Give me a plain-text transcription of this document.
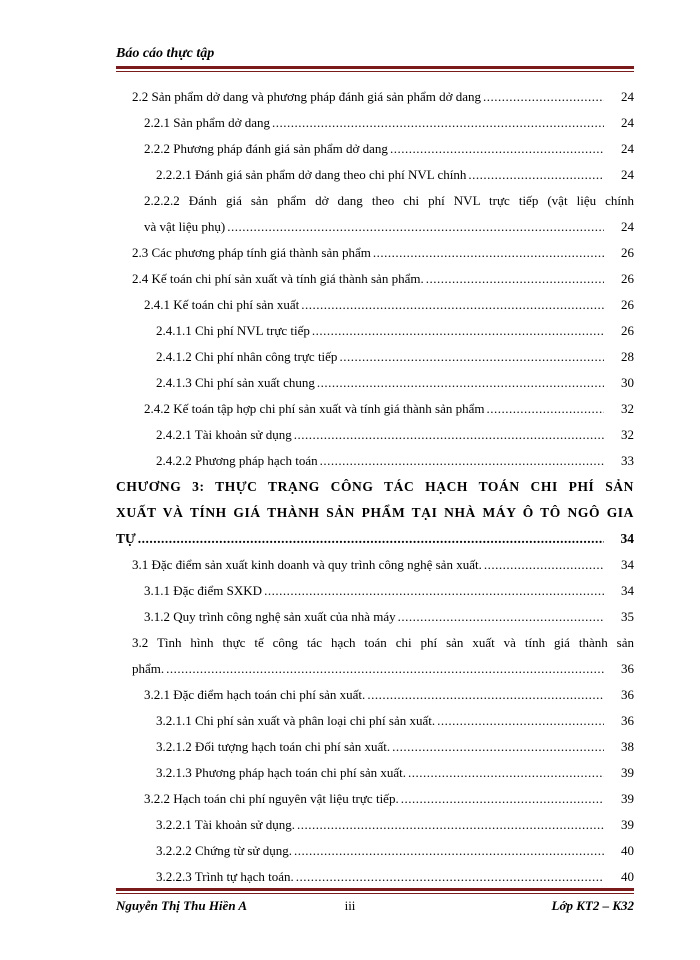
Báo cáo thực tập
2.2 Sản phẩm dở dang và phương pháp đánh giá sản phẩm dở dang .....	24
2.2.1 Sản phẩm dở dang .....	24
2.2.2 Phương pháp đánh giá sản phẩm dở dang .....	24
2.2.2.1 Đánh giá sản phẩm dở dang theo chi phí NVL chính .....	24
2.2.2.2 Đánh giá sản phẩm dở dang theo chi phí NVL trực tiếp (vật liệu chính
và vật liệu phụ) .....	24
2.3 Các phương pháp tính giá thành sản phẩm .....	26
2.4 Kế toán chi phí sản xuất và tính giá thành sản phẩm. .....	26
2.4.1 Kế toán chi phí sản xuất .....	26
2.4.1.1 Chi phí NVL trực tiếp .....	26
2.4.1.2 Chi phí nhân công trực tiếp .....	28
2.4.1.3 Chi phí sản xuất chung .....	30
2.4.2 Kế toán tập hợp chi phí sản xuất và tính giá thành sản phẩm .....	32
2.4.2.1 Tài khoản sử dụng .....	32
2.4.2.2 Phương pháp hạch toán .....	33
CHƯƠNG 3: THỰC TRẠNG CÔNG TÁC HẠCH TOÁN CHI PHÍ SẢN
XUẤT VÀ TÍNH GIÁ THÀNH SẢN PHẨM TẠI NHÀ MÁY Ô TÔ NGÔ GIA
TỰ .....	34
3.1 Đặc điểm sản xuất kinh doanh và quy trình công nghệ sản xuất. .....	34
3.1.1 Đặc điểm SXKD .....	34
3.1.2 Quy trình công nghệ sản xuất của nhà máy .....	35
3.2 Tình hình thực tế công tác hạch toán chi phí sản xuất và tính giá thành sản
phẩm. .....	36
3.2.1 Đặc điểm hạch toán chi phí sản xuất. .....	36
3.2.1.1 Chi phí sản xuất và phân loại chi phí sản xuất. .....	36
3.2.1.2 Đối tượng hạch toán chi phí sản xuất. .....	38
3.2.1.3 Phương pháp hạch toán chi phí sản xuất. .....	39
3.2.2 Hạch toán chi phí nguyên vật liệu trực tiếp. .....	39
3.2.2.1 Tài khoản sử dụng. .....	39
3.2.2.2 Chứng từ sử dụng. .....	40
3.2.2.3 Trình tự hạch toán. .....	40
Nguyễn Thị Thu Hiền A	iii	Lớp KT2 – K32
